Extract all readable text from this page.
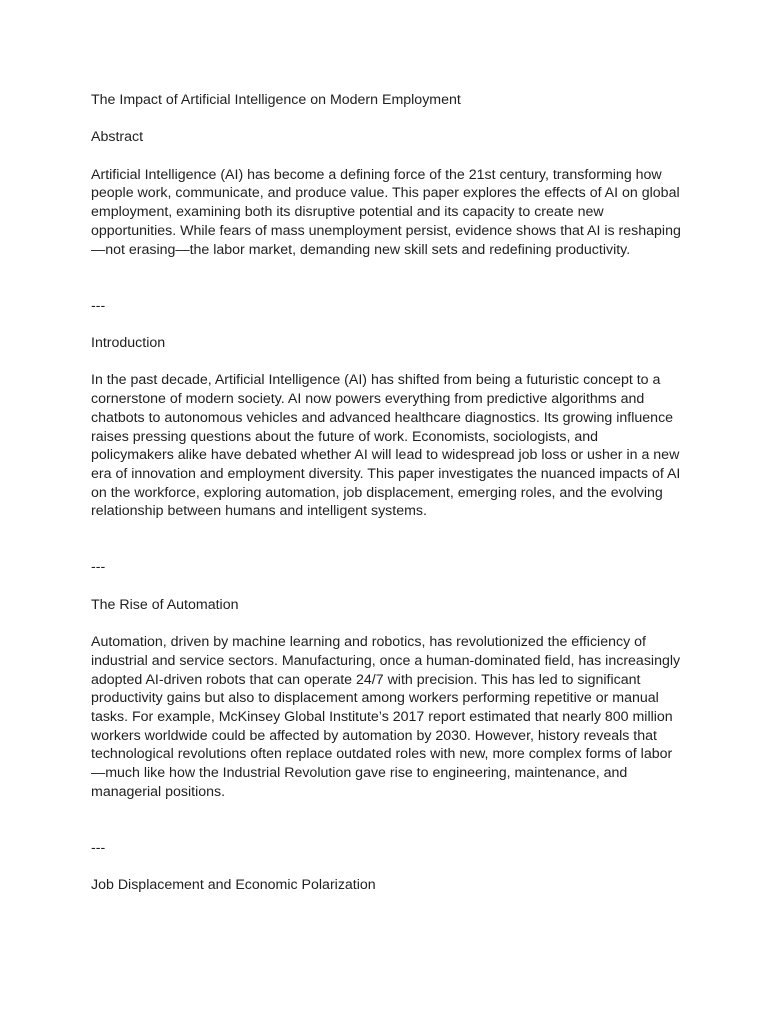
The Impact of Artificial Intelligence on Modern Employment

Abstract

Artificial Intelligence (AI) has become a defining force of the 21st century, transforming how people work, communicate, and produce value. This paper explores the effects of AI on global employment, examining both its disruptive potential and its capacity to create new opportunities. While fears of mass unemployment persist, evidence shows that AI is reshaping—not erasing—the labor market, demanding new skill sets and redefining productivity.

---

Introduction

In the past decade, Artificial Intelligence (AI) has shifted from being a futuristic concept to a cornerstone of modern society. AI now powers everything from predictive algorithms and chatbots to autonomous vehicles and advanced healthcare diagnostics. Its growing influence raises pressing questions about the future of work. Economists, sociologists, and policymakers alike have debated whether AI will lead to widespread job loss or usher in a new era of innovation and employment diversity. This paper investigates the nuanced impacts of AI on the workforce, exploring automation, job displacement, emerging roles, and the evolving relationship between humans and intelligent systems.

---

The Rise of Automation

Automation, driven by machine learning and robotics, has revolutionized the efficiency of industrial and service sectors. Manufacturing, once a human-dominated field, has increasingly adopted AI-driven robots that can operate 24/7 with precision. This has led to significant productivity gains but also to displacement among workers performing repetitive or manual tasks. For example, McKinsey Global Institute’s 2017 report estimated that nearly 800 million workers worldwide could be affected by automation by 2030. However, history reveals that technological revolutions often replace outdated roles with new, more complex forms of labor—much like how the Industrial Revolution gave rise to engineering, maintenance, and managerial positions.

---

Job Displacement and Economic Polarization
